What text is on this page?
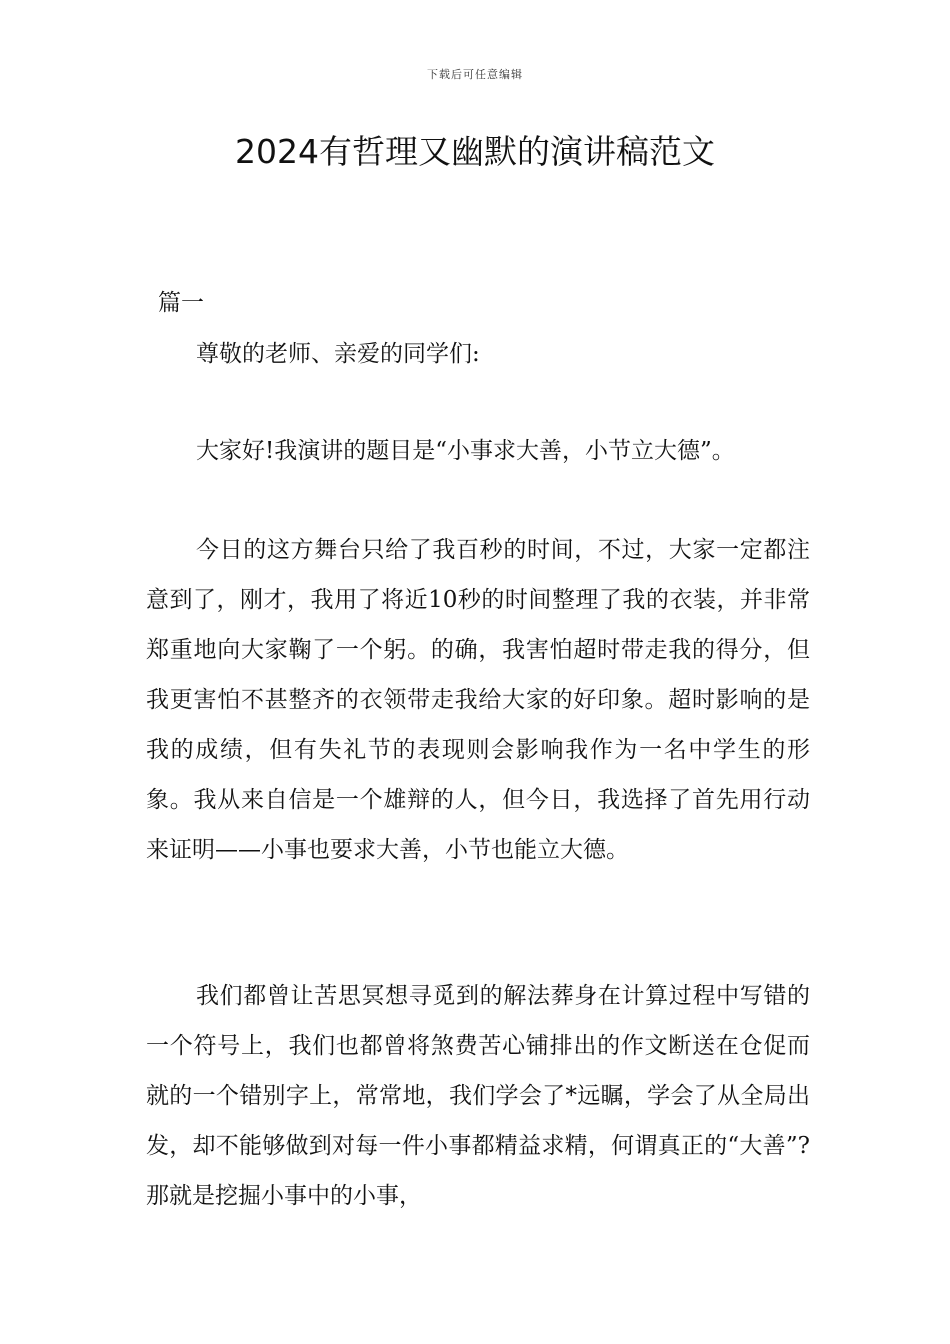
下载后可任意编辑
2024有哲理又幽默的演讲稿范文
篇一

尊敬的老师、亲爱的同学们:

大家好!我演讲的题目是“小事求大善，小节立大德”。

今日的这方舞台只给了我百秒的时间，不过，大家一定都注意到了，刚才，我用了将近10秒的时间整理了我的衣装，并非常郑重地向大家鞠了一个躬。的确，我害怕超时带走我的得分，但我更害怕不甚整齐的衣领带走我给大家的好印象。超时影响的是我的成绩，但有失礼节的表现则会影响我作为一名中学生的形象。我从来自信是一个雄辩的人，但今日，我选择了首先用行动来证明——小事也要求大善，小节也能立大德。

我们都曾让苦思冥想寻觅到的解法葬身在计算过程中写错的一个符号上，我们也都曾将煞费苦心铺排出的作文断送在仓促而就的一个错别字上，常常地，我们学会了*远瞩，学会了从全局出发，却不能够做到对每一件小事都精益求精，何谓真正的“大善”?那就是挖掘小事中的小事，
